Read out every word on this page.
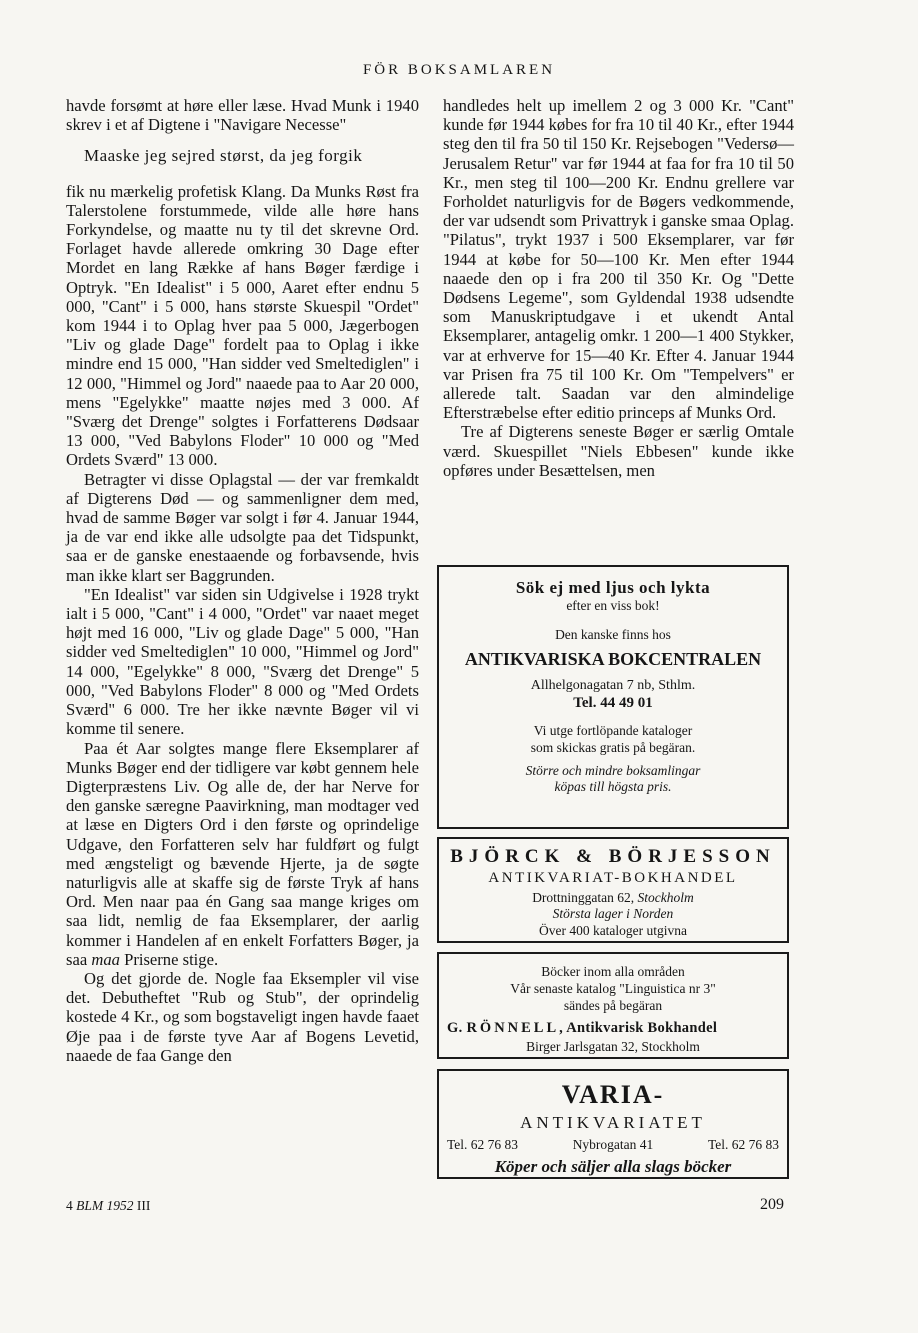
FÖR BOKSAMLAREN

havde forsømt at høre eller læse. Hvad Munk i 1940 skrev i et af Digtene i "Navigare Necesse"

Maaske jeg sejred størst, da jeg forgik

fik nu mærkelig profetisk Klang. Da Munks Røst fra Talerstolene forstummede, vilde alle høre hans Forkyndelse, og maatte nu ty til det skrevne Ord. Forlaget havde allerede omkring 30 Dage efter Mordet en lang Række af hans Bøger færdige i Optryk. "En Idealist" i 5 000, Aaret efter endnu 5 000, "Cant" i 5 000, hans største Skuespil "Ordet" kom 1944 i to Oplag hver paa 5 000, Jægerbogen "Liv og glade Dage" fordelt paa to Oplag i ikke mindre end 15 000, "Han sidder ved Smeltediglen" i 12 000, "Himmel og Jord" naaede paa to Aar 20 000, mens "Egelykke" maatte nøjes med 3 000. Af "Sværg det Drenge" solgtes i Forfatterens Dødsaar 13 000, "Ved Babylons Floder" 10 000 og "Med Ordets Sværd" 13 000.

Betragter vi disse Oplagstal — der var fremkaldt af Digterens Død — og sammenligner dem med, hvad de samme Bøger var solgt i før 4. Januar 1944, ja de var end ikke alle udsolgte paa det Tidspunkt, saa er de ganske enestaaende og forbavsende, hvis man ikke klart ser Baggrunden.

"En Idealist" var siden sin Udgivelse i 1928 trykt ialt i 5 000, "Cant" i 4 000, "Ordet" var naaet meget højt med 16 000, "Liv og glade Dage" 5 000, "Han sidder ved Smeltediglen" 10 000, "Himmel og Jord" 14 000, "Egelykke" 8 000, "Sværg det Drenge" 5 000, "Ved Babylons Floder" 8 000 og "Med Ordets Sværd" 6 000. Tre her ikke nævnte Bøger vil vi komme til senere.

Paa ét Aar solgtes mange flere Eksemplarer af Munks Bøger end der tidligere var købt gennem hele Digterpræstens Liv. Og alle de, der har Nerve for den ganske særegne Paavirkning, man modtager ved at læse en Digters Ord i den første og oprindelige Udgave, den Forfatteren selv har fuldført og fulgt med ængsteligt og bævende Hjerte, ja de søgte naturligvis alle at skaffe sig de første Tryk af hans Ord. Men naar paa én Gang saa mange kriges om saa lidt, nemlig de faa Eksemplarer, der aarlig kommer i Handelen af en enkelt Forfatters Bøger, ja saa maa Priserne stige.

Og det gjorde de. Nogle faa Eksempler vil vise det. Debutheftet "Rub og Stub", der oprindelig kostede 4 Kr., og som bogstaveligt ingen havde faaet Øje paa i de første tyve Aar af Bogens Levetid, naaede de faa Gange den

handledes helt up imellem 2 og 3 000 Kr. "Cant" kunde før 1944 købes for fra 10 til 40 Kr., efter 1944 steg den til fra 50 til 150 Kr. Rejsebogen "Vedersø—Jerusalem Retur" var før 1944 at faa for fra 10 til 50 Kr., men steg til 100—200 Kr. Endnu grellere var Forholdet naturligvis for de Bøgers vedkommende, der var udsendt som Privattryk i ganske smaa Oplag. "Pilatus", trykt 1937 i 500 Eksemplarer, var før 1944 at købe for 50—100 Kr. Men efter 1944 naaede den op i fra 200 til 350 Kr. Og "Dette Dødsens Legeme", som Gyldendal 1938 udsendte som Manuskriptudgave i et ukendt Antal Eksemplarer, antagelig omkr. 1 200—1 400 Stykker, var at erhverve for 15—40 Kr. Efter 4. Januar 1944 var Prisen fra 75 til 100 Kr. Om "Tempelvers" er allerede talt. Saadan var den almindelige Efterstræbelse efter editio princeps af Munks Ord.

Tre af Digterens seneste Bøger er særlig Omtale værd. Skuespillet "Niels Ebbesen" kunde ikke opføres under Besættelsen, men

Sök ej med ljus och lykta
efter en viss bok!
Den kanske finns hos
ANTIKVARISKA BOKCENTRALEN
Allhelgonagatan 7 nb, Sthlm.
Tel. 44 49 01
Vi utge fortlöpande kataloger
som skickas gratis på begäran.
Större och mindre boksamlingar
köpas till högsta pris.
BJÖRCK & BÖRJESSON
ANTIKVARIAT-BOKHANDEL
Drottninggatan 62, Stockholm
Största lager i Norden
Över 400 kataloger utgivna
Böcker inom alla områden
Vår senaste katalog "Linguistica nr 3"
sändes på begäran
G. RÖNNELL, Antikvarisk Bokhandel
Birger Jarlsgatan 32, Stockholm
VARIA-
ANTIKVARIATET
Tel. 62 76 83	Nybrogatan 41	Tel. 62 76 83
Köper och säljer alla slags böcker
4 BLM 1952 III	209
